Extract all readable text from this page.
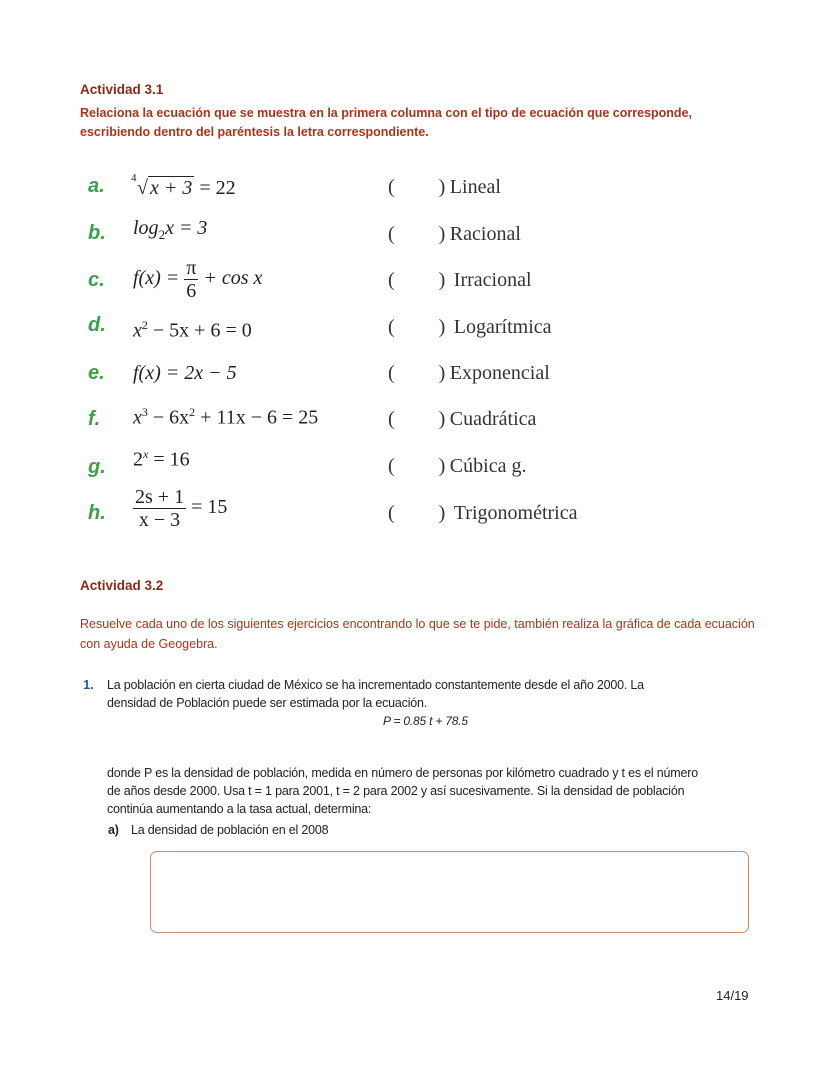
Actividad 3.1
Relaciona la ecuación que se muestra en la primera columna con el tipo de ecuación que corresponde, escribiendo dentro del paréntesis la letra correspondiente.
a.
b.
c.
d.
e.
f.
g.
h.
4 √ x + 3 = 22
$\log_2x = 3$
$f(x) = \frac{\pi}{6} + \cos x$
$x^2 - 5x + 6 = 0$
f(x) = 2x − 5
$x^3 - 6x^2 + 11x - 6 = 25$
$2^x = 16$
$\frac{2s + 1}{x - 3} = 15$
( ) Lineal
( ) Racional
( ) Irracional
( ) Logarítmica
( ) Exponencial
( ) Cuadrática
( ) Cúbica g.
( ) Trigonométrica
Actividad 3.2
Resuelve cada uno de los siguientes ejercicios encontrando lo que se te pide, también realiza la gráfica de cada ecuación con ayuda de Geogebra.
1. La población en cierta ciudad de México se ha incrementado constantemente desde el año 2000. La
densidad de Población puede ser estimada por la ecuación.
P = 0.85 t + 78.5
donde P es la densidad de población, medida en número de personas por kilómetro cuadrado y t es el número
de años desde 2000. Usa t = 1 para 2001, t = 2 para 2002 y así sucesivamente. Si la densidad de población
continúa aumentando a la tasa actual, determina:
a) La densidad de población en el 2008
14/19
